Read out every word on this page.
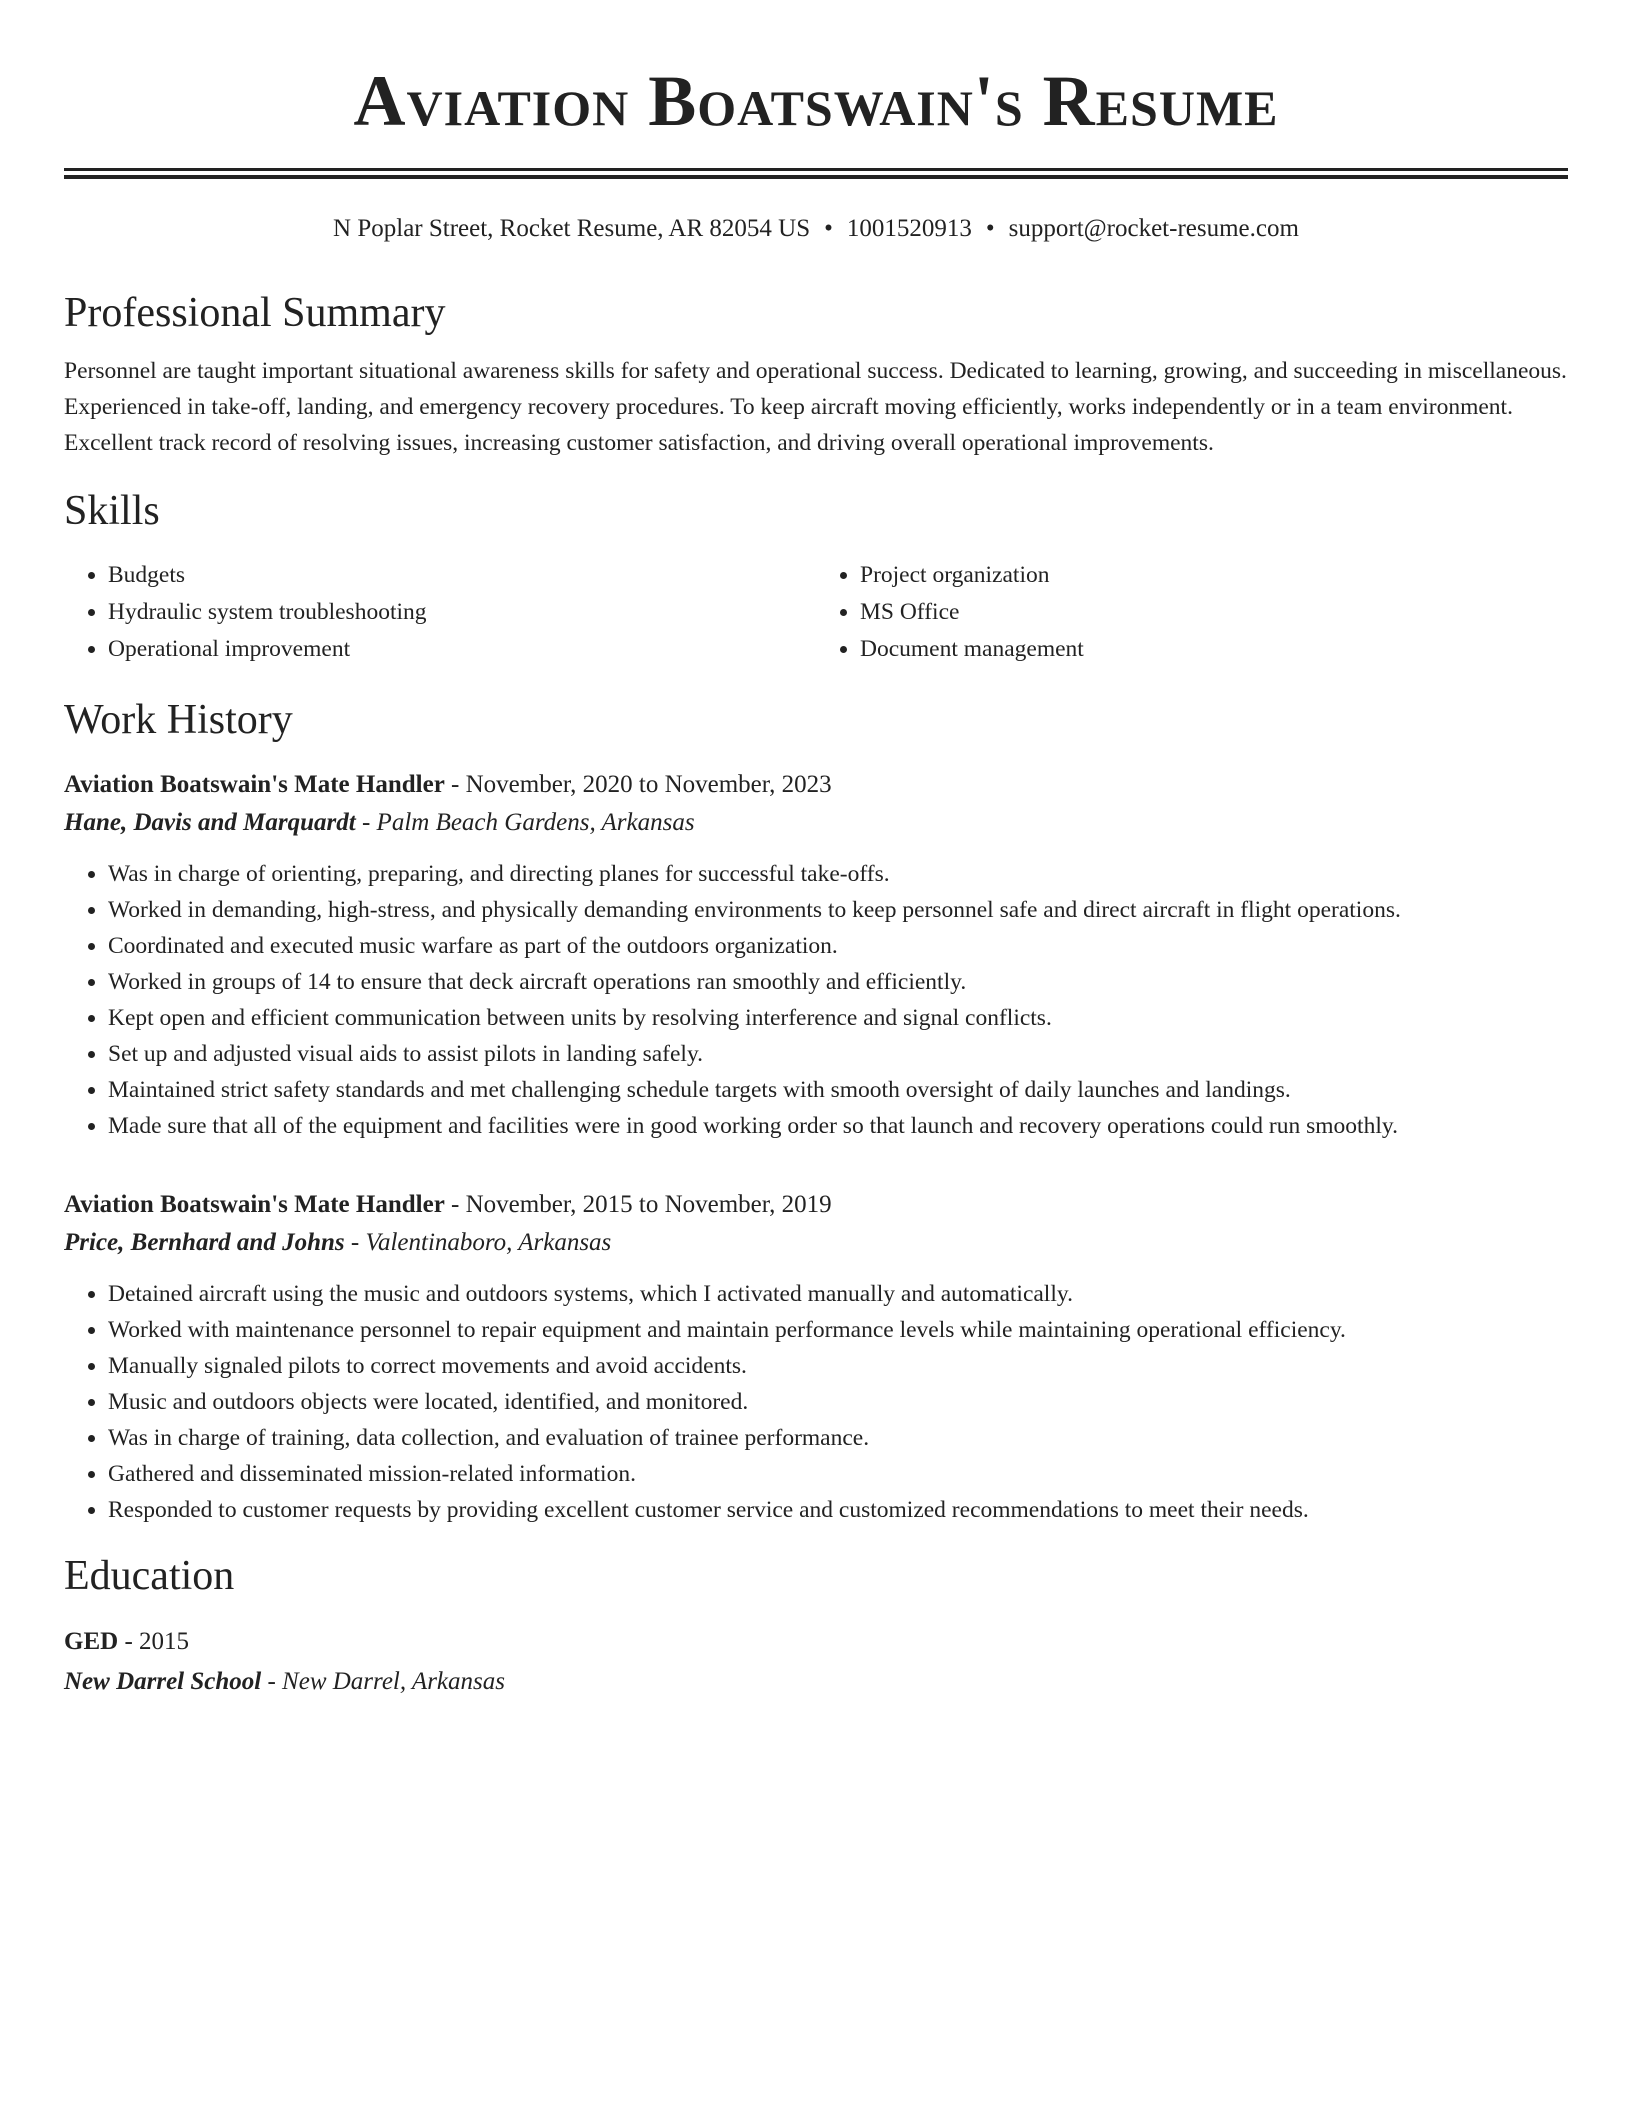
Aviation Boatswain's Resume
N Poplar Street, Rocket Resume, AR 82054 US • 1001520913 • support@rocket-resume.com
Professional Summary
Personnel are taught important situational awareness skills for safety and operational success. Dedicated to learning, growing, and succeeding in miscellaneous. Experienced in take-off, landing, and emergency recovery procedures. To keep aircraft moving efficiently, works independently or in a team environment. Excellent track record of resolving issues, increasing customer satisfaction, and driving overall operational improvements.
Skills
• Budgets
• Hydraulic system troubleshooting
• Operational improvement
• Project organization
• MS Office
• Document management
Work History
Aviation Boatswain's Mate Handler - November, 2020 to November, 2023
Hane, Davis and Marquardt - Palm Beach Gardens, Arkansas
• Was in charge of orienting, preparing, and directing planes for successful take-offs.
• Worked in demanding, high-stress, and physically demanding environments to keep personnel safe and direct aircraft in flight operations.
• Coordinated and executed music warfare as part of the outdoors organization.
• Worked in groups of 14 to ensure that deck aircraft operations ran smoothly and efficiently.
• Kept open and efficient communication between units by resolving interference and signal conflicts.
• Set up and adjusted visual aids to assist pilots in landing safely.
• Maintained strict safety standards and met challenging schedule targets with smooth oversight of daily launches and landings.
• Made sure that all of the equipment and facilities were in good working order so that launch and recovery operations could run smoothly.
Aviation Boatswain's Mate Handler - November, 2015 to November, 2019
Price, Bernhard and Johns - Valentinaboro, Arkansas
• Detained aircraft using the music and outdoors systems, which I activated manually and automatically.
• Worked with maintenance personnel to repair equipment and maintain performance levels while maintaining operational efficiency.
• Manually signaled pilots to correct movements and avoid accidents.
• Music and outdoors objects were located, identified, and monitored.
• Was in charge of training, data collection, and evaluation of trainee performance.
• Gathered and disseminated mission-related information.
• Responded to customer requests by providing excellent customer service and customized recommendations to meet their needs.
Education
GED - 2015
New Darrel School - New Darrel, Arkansas
